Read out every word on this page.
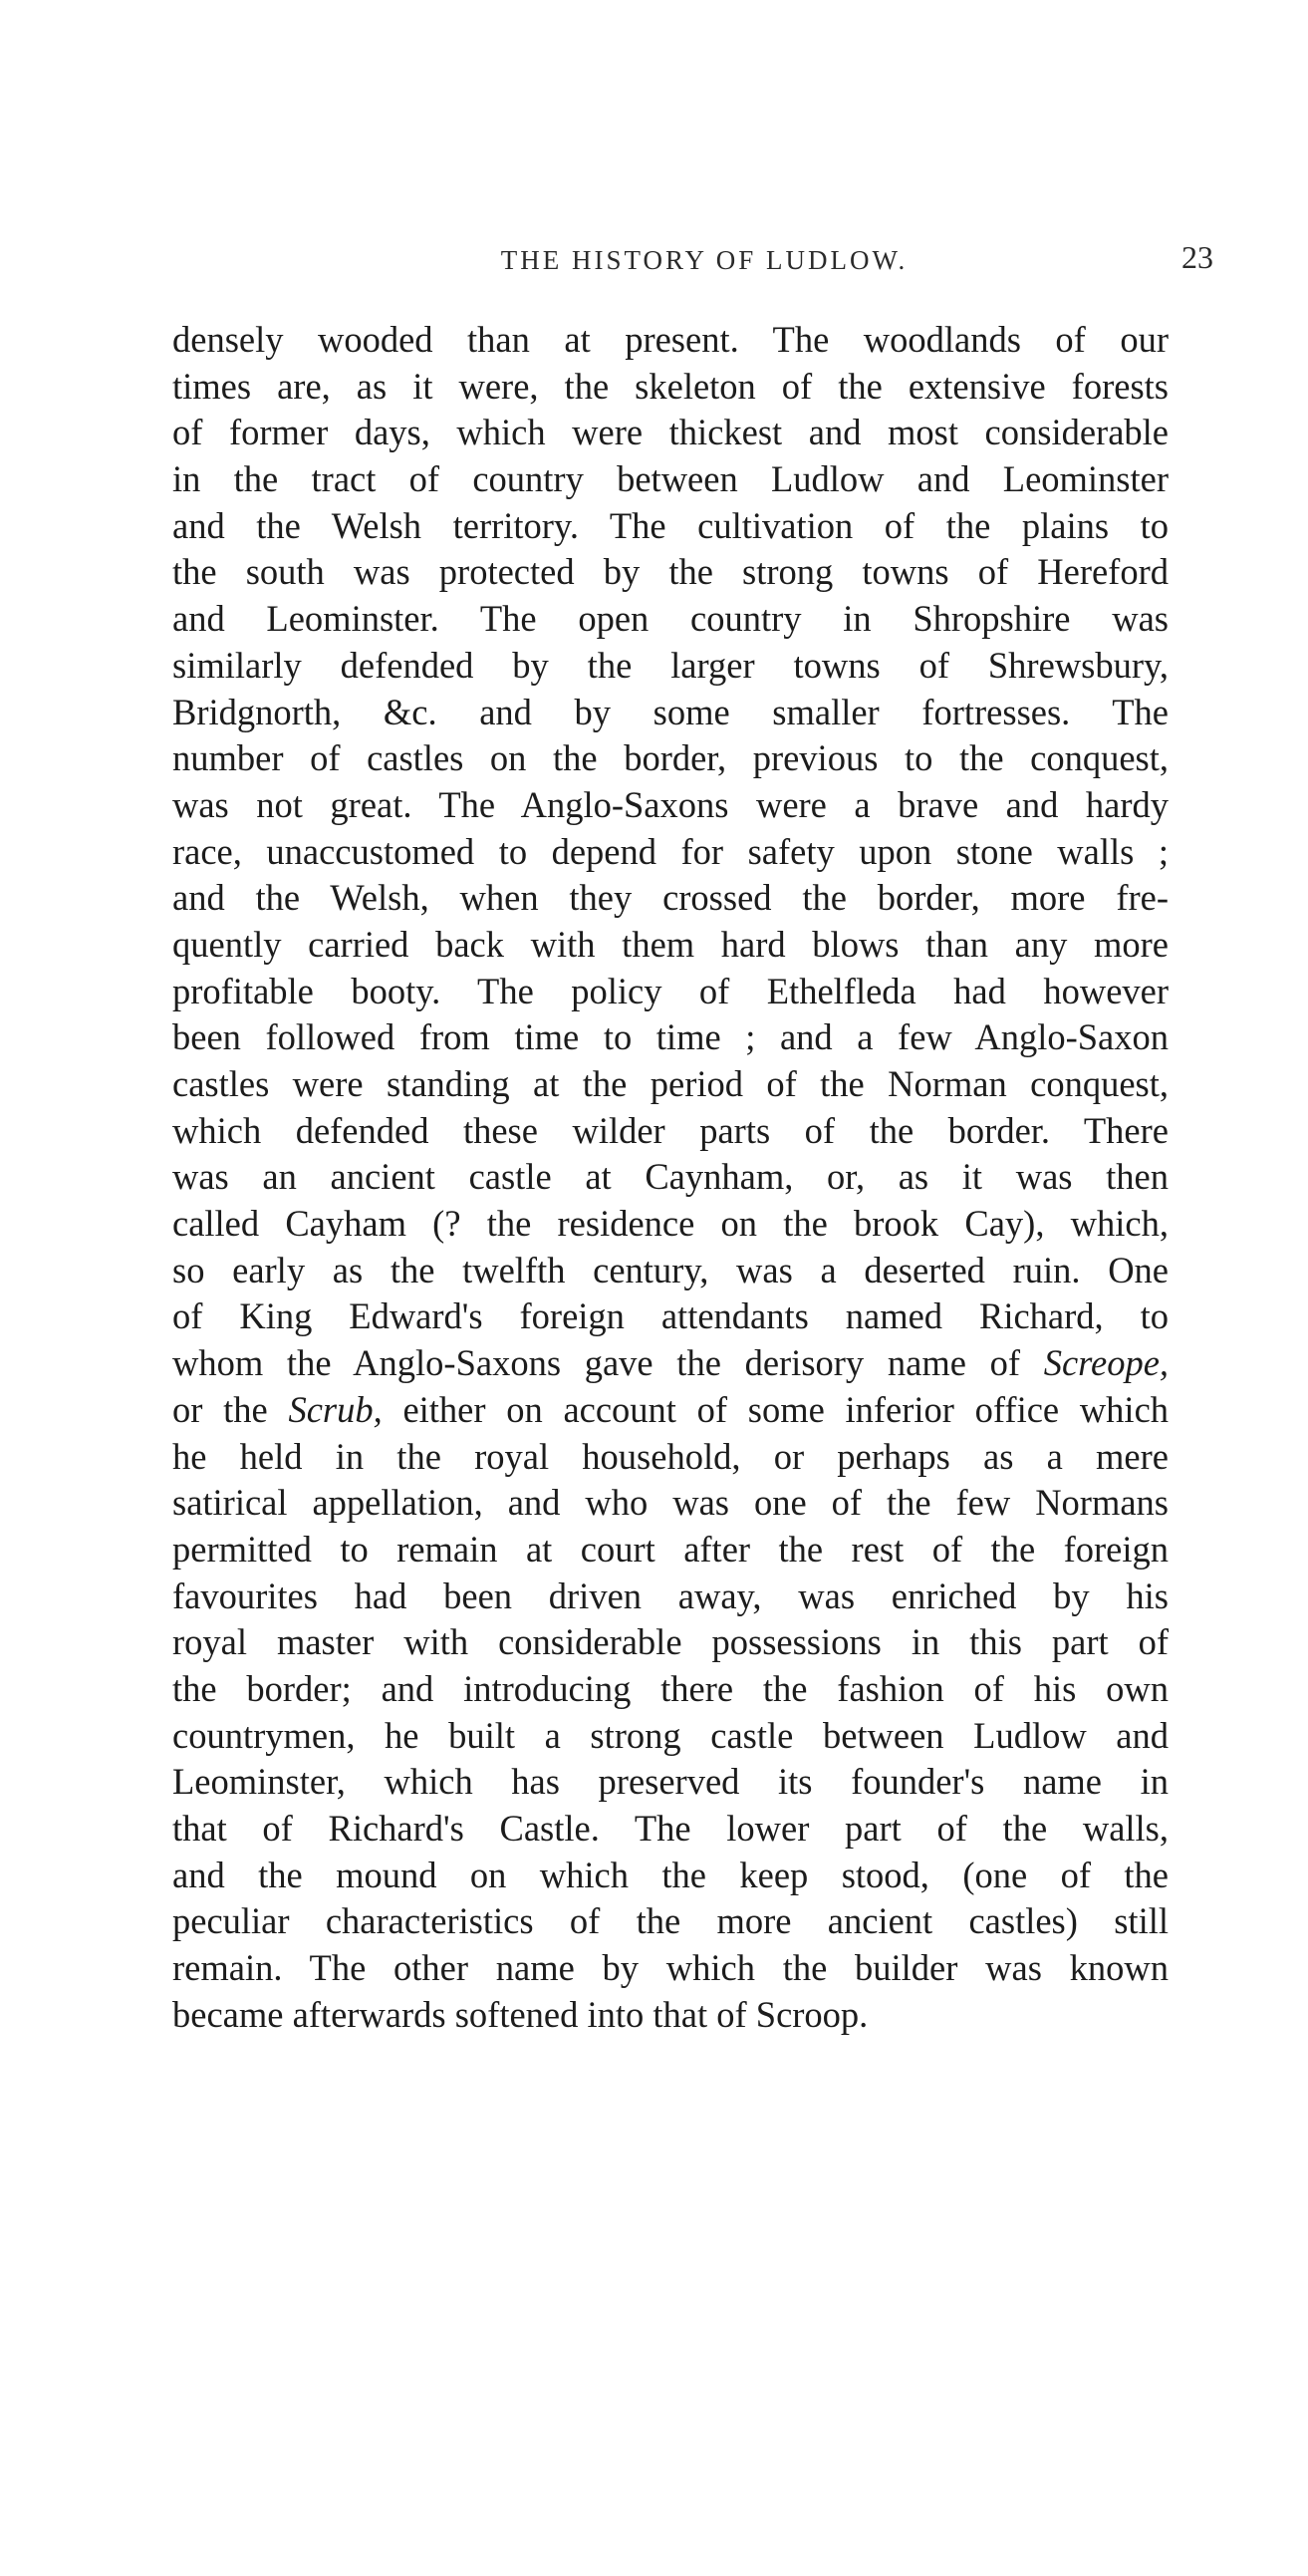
THE HISTORY OF LUDLOW.	23
densely wooded than at present. The woodlands of our
times are, as it were, the skeleton of the extensive forests
of former days, which were thickest and most considerable
in the tract of country between Ludlow and Leominster
and the Welsh territory. The cultivation of the plains to
the south was protected by the strong towns of Hereford
and Leominster. The open country in Shropshire was
similarly defended by the larger towns of Shrewsbury,
Bridgnorth, &c. and by some smaller fortresses. The
number of castles on the border, previous to the conquest,
was not great. The Anglo-Saxons were a brave and hardy
race, unaccustomed to depend for safety upon stone walls ;
and the Welsh, when they crossed the border, more fre-
quently carried back with them hard blows than any more
profitable booty. The policy of Ethelfleda had however
been followed from time to time ; and a few Anglo-Saxon
castles were standing at the period of the Norman conquest,
which defended these wilder parts of the border. There
was an ancient castle at Caynham, or, as it was then
called Cayham (? the residence on the brook Cay), which,
so early as the twelfth century, was a deserted ruin. One
of King Edward's foreign attendants named Richard, to
whom the Anglo-Saxons gave the derisory name of Screope,
or the Scrub, either on account of some inferior office which
he held in the royal household, or perhaps as a mere
satirical appellation, and who was one of the few Normans
permitted to remain at court after the rest of the foreign
favourites had been driven away, was enriched by his
royal master with considerable possessions in this part of
the border; and introducing there the fashion of his own
countrymen, he built a strong castle between Ludlow and
Leominster, which has preserved its founder's name in
that of Richard's Castle. The lower part of the walls,
and the mound on which the keep stood, (one of the
peculiar characteristics of the more ancient castles) still
remain. The other name by which the builder was known
became afterwards softened into that of Scroop.
